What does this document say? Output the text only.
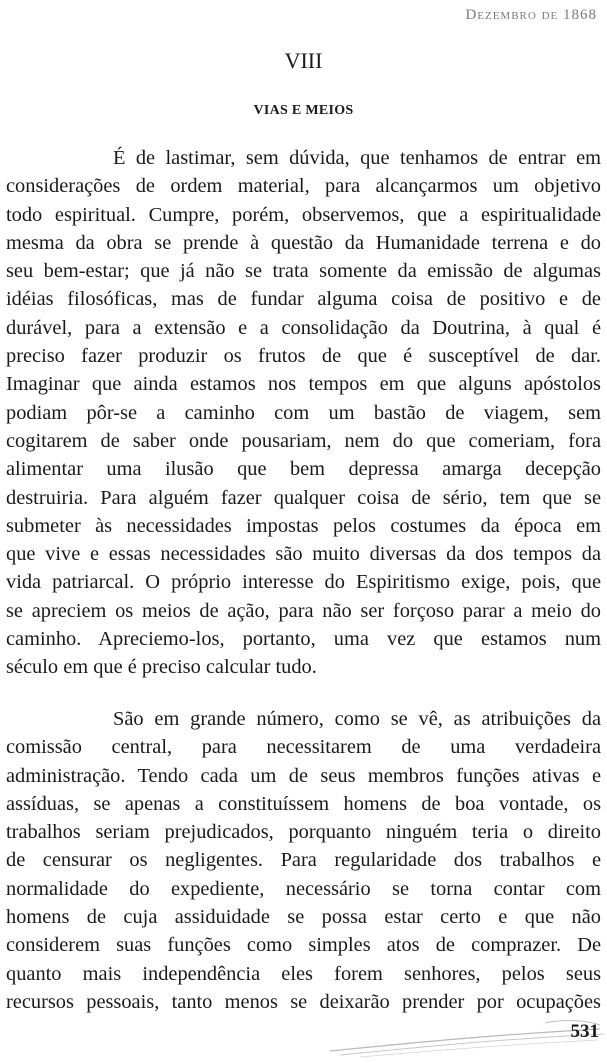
Dezembro de 1868
VIII
VIAS E MEIOS
É de lastimar, sem dúvida, que tenhamos de entrar em
considerações de ordem material, para alcançarmos um objetivo
todo espiritual. Cumpre, porém, observemos, que a espiritualidade
mesma da obra se prende à questão da Humanidade terrena e do
seu bem-estar; que já não se trata somente da emissão de algumas
idéias filosóficas, mas de fundar alguma coisa de positivo e de
durável, para a extensão e a consolidação da Doutrina, à qual é
preciso fazer produzir os frutos de que é susceptível de dar.
Imaginar que ainda estamos nos tempos em que alguns apóstolos
podiam pôr-se a caminho com um bastão de viagem, sem
cogitarem de saber onde pousariam, nem do que comeriam, fora
alimentar uma ilusão que bem depressa amarga decepção
destruiria. Para alguém fazer qualquer coisa de sério, tem que se
submeter às necessidades impostas pelos costumes da época em
que vive e essas necessidades são muito diversas da dos tempos da
vida patriarcal. O próprio interesse do Espiritismo exige, pois, que
se apreciem os meios de ação, para não ser forçoso parar a meio do
caminho. Apreciemo-los, portanto, uma vez que estamos num
século em que é preciso calcular tudo.
São em grande número, como se vê, as atribuições da
comissão central, para necessitarem de uma verdadeira
administração. Tendo cada um de seus membros funções ativas e
assíduas, se apenas a constituíssem homens de boa vontade, os
trabalhos seriam prejudicados, porquanto ninguém teria o direito
de censurar os negligentes. Para regularidade dos trabalhos e
normalidade do expediente, necessário se torna contar com
homens de cuja assiduidade se possa estar certo e que não
considerem suas funções como simples atos de comprazer. De
quanto mais independência eles forem senhores, pelos seus
recursos pessoais, tanto menos se deixarão prender por ocupações
531
